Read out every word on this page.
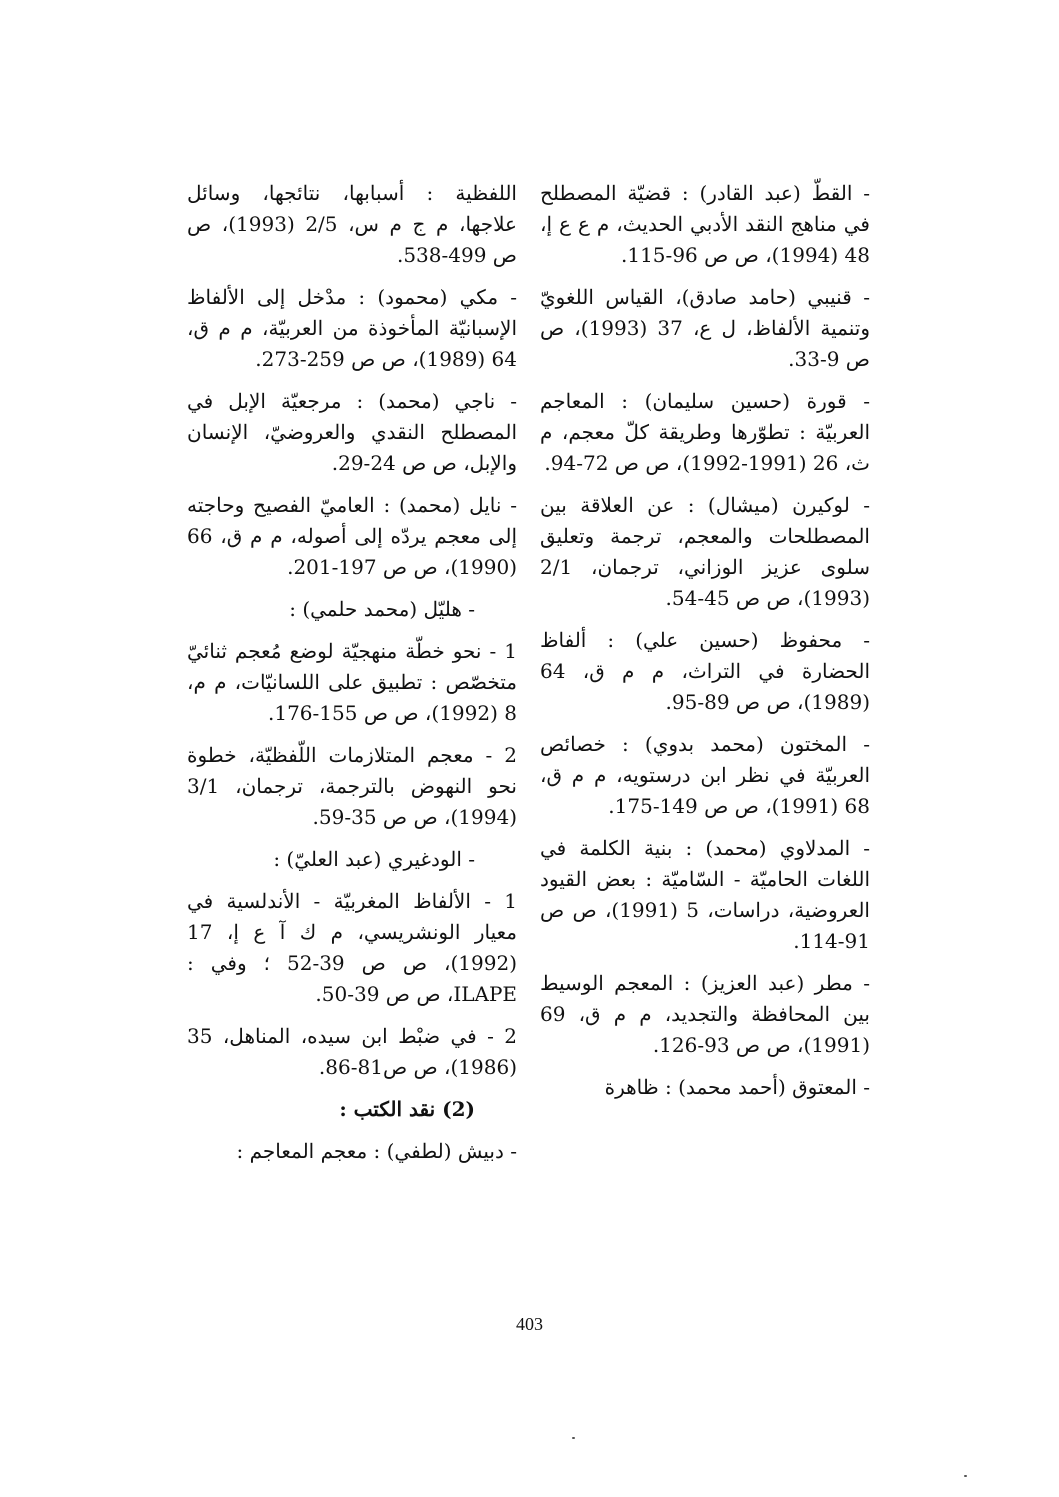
- القطّ (عبد القادر) : قضيّة المصطلح في مناهج النقد الأدبي الحديث، م ع ع إ، 48 (1994)، ص ص 96-115.

- قنيبي (حامد صادق)، القياس اللغويّ وتنمية الألفاظ، ل ع، 37 (1993)، ص ص 9-33.

- قورة (حسين سليمان) : المعاجم العربيّة : تطوّرها وطريقة كلّ معجم، م ث، 26 (1991-1992)، ص ص 72-94.

- لوكيرن (ميشال) : عن العلاقة بين المصطلحات والمعجم، ترجمة وتعليق سلوى عزيز الوزاني، ترجمان، 2/1 (1993)، ص ص 45-54.

- محفوظ (حسين علي) : ألفاظ الحضارة في التراث، م م ق، 64 (1989)، ص ص 89-95.

- المختون (محمد بدوي) : خصائص العربيّة في نظر ابن درستويه، م م ق، 68 (1991)، ص ص 149-175.

- المدلاوي (محمد) : بنية الكلمة في اللغات الحاميّة - السّاميّة : بعض القيود العروضية، دراسات، 5 (1991)، ص ص 91-114.

- مطر (عبد العزيز) : المعجم الوسيط بين المحافظة والتجديد، م م ق، 69 (1991)، ص ص 93-126.

- المعتوق (أحمد محمد) : ظاهرة

اللفظية : أسبابها، نتائجها، وسائل علاجها، م ج م س، 2/5 (1993)، ص ص 499-538.

- مكي (محمود) : مدْخل إلى الألفاظ الإسبانيّة المأخوذة من العربيّة، م م ق، 64 (1989)، ص ص 259-273.

- ناجي (محمد) : مرجعيّة الإبل في المصطلح النقدي والعروضيّ، الإنسان والإبل، ص ص 24-29.

- نايل (محمد) : العاميّ الفصيح وحاجته إلى معجم يردّه إلى أصوله، م م ق، 66 (1990)، ص ص 197-201.

- هليّل (محمد حلمي) :

1 - نحو خطّة منهجيّة لوضع مُعجم ثنائيّ متخصّص : تطبيق على اللسانيّات، م م، 8 (1992)، ص ص 155-176.

2 - معجم المتلازمات اللّفظيّة، خطوة نحو النهوض بالترجمة، ترجمان، 3/1 (1994)، ص ص 35-59.

- الودغيري (عبد العليّ) :

1 - الألفاظ المغربيّة - الأندلسية في معيار الونشريسي، م ك آ ع إ، 17 (1992)، ص ص 39-52 ؛ وفي : ILAPE، ص ص 39-50.

2 - في ضبْط ابن سيده، المناهل، 35 (1986)، ص ص81-86.

(2) نقد الكتب :

- دبيش (لطفي) : معجم المعاجم :

403
